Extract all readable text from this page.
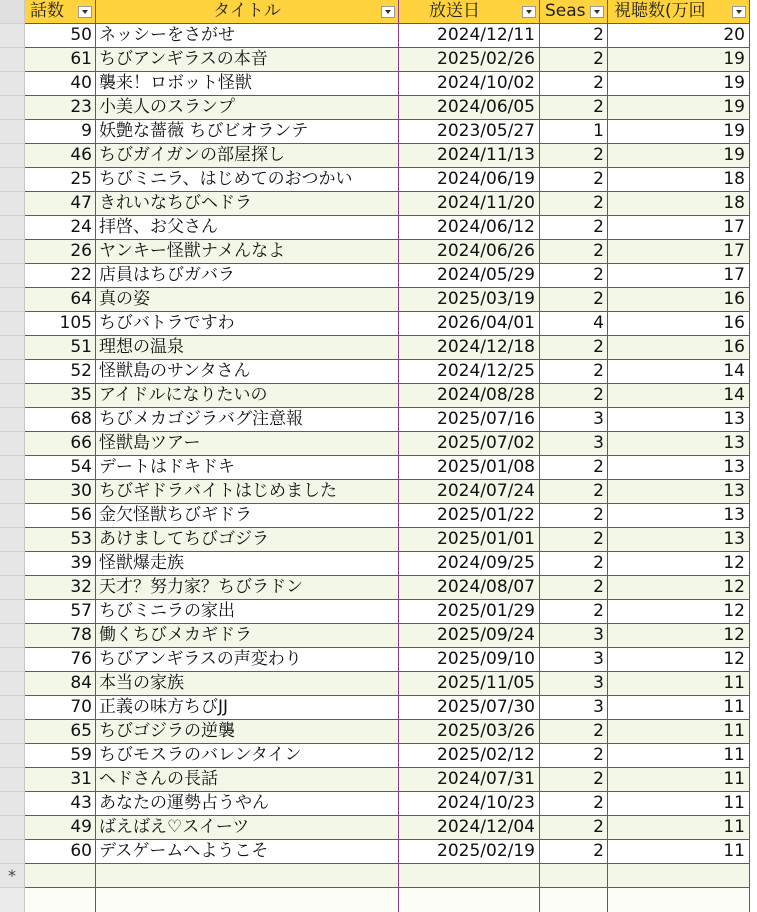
話数	タイトル	放送日	Seas	視聴数(万回
50 ネッシーをさがせ	2024/12/11	2	20
61 ちびアンギラスの本音	2025/02/26	2	19
40 襲来！ロボット怪獣	2024/10/02	2	19
23 小美人のスランプ	2024/06/05	2	19
9 妖艶な薔薇 ちびビオランテ	2023/05/27	1	19
46 ちびガイガンの部屋探し	2024/11/13	2	19
25 ちびミニラ、はじめてのおつかい	2024/06/19	2	18
47 きれいなちびヘドラ	2024/11/20	2	18
24 拝啓、お父さん	2024/06/12	2	17
26 ヤンキー怪獣ナメんなよ	2024/06/26	2	17
22 店員はちびガバラ	2024/05/29	2	17
64 真の姿	2025/03/19	2	16
105 ちびバトラですわ	2026/04/01	4	16
51 理想の温泉	2024/12/18	2	16
52 怪獣島のサンタさん	2024/12/25	2	14
35 アイドルになりたいの	2024/08/28	2	14
68 ちびメカゴジラバグ注意報	2025/07/16	3	13
66 怪獣島ツアー	2025/07/02	3	13
54 デートはドキドキ	2025/01/08	2	13
30 ちびギドラバイトはじめました	2024/07/24	2	13
56 金欠怪獣ちびギドラ	2025/01/22	2	13
53 あけましてちびゴジラ	2025/01/01	2	13
39 怪獣爆走族	2024/09/25	2	12
32 天才？努力家？ちびラドン	2024/08/07	2	12
57 ちびミニラの家出	2025/01/29	2	12
78 働くちびメカギドラ	2025/09/24	3	12
76 ちびアンギラスの声変わり	2025/09/10	3	12
84 本当の家族	2025/11/05	3	11
70 正義の味方ちびJJ	2025/07/30	3	11
65 ちびゴジラの逆襲	2025/03/26	2	11
59 ちびモスラのバレンタイン	2025/02/12	2	11
31 ヘドさんの長話	2024/07/31	2	11
43 あなたの運勢占うやん	2024/10/23	2	11
49 ばえばえ♡スイーツ	2024/12/04	2	11
60 デスゲームへようこそ	2025/02/19	2	11
*
